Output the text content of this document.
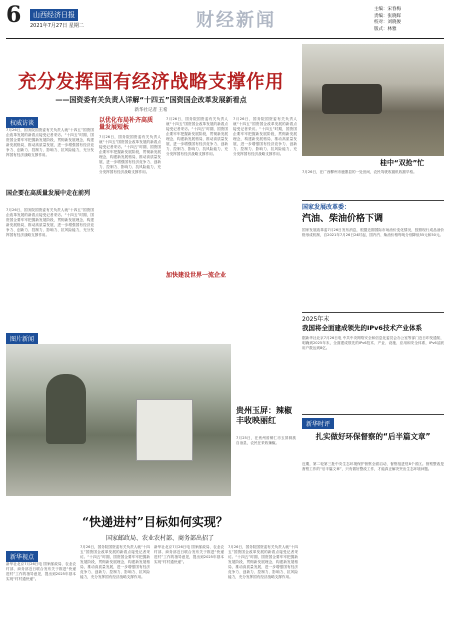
6	山西经济日报
2021年7月27日 星期二	财经新闻
主编：宋春梅
责编：张晓晖
校对：刘晓俊
版式：林雅
充分发挥国有经济战略支撑作用
——国资委有关负责人详解“十四五”国资国企改革发展新看点
新华社记者 王希
权威访谈
7月26日，国务院国资委有关负责人就“十四五”国资国企改革发展的新看点接受记者采访。“十四五”时期，国资国企要牢牢把握新发展阶段，贯彻新发展理念，构建新发展格局，推动高质量发展，进一步增强国有经济竞争力、创新力、控制力、影响力、抗风险能力，充分发挥国有经济战略支撑作用。
国企要在高质量发展中走在前列
7月26日，国务院国资委有关负责人就“十四五”国资国企改革发展的新看点接受记者采访。“十四五”时期，国资国企要牢牢把握新发展阶段，贯彻新发展理念，构建新发展格局，推动高质量发展，进一步增强国有经济竞争力、创新力、控制力、影响力、抗风险能力，充分发挥国有经济战略支撑作用。
以优化布局补齐高质量发展短板
7月26日，国务院国资委有关负责人就“十四五”国资国企改革发展的新看点接受记者采访。“十四五”时期，国资国企要牢牢把握新发展阶段，贯彻新发展理念，构建新发展格局，推动高质量发展，进一步增强国有经济竞争力、创新力、控制力、影响力、抗风险能力，充分发挥国有经济战略支撑作用。
7月26日，国务院国资委有关负责人就“十四五”国资国企改革发展的新看点接受记者采访。“十四五”时期，国资国企要牢牢把握新发展阶段，贯彻新发展理念，构建新发展格局，推动高质量发展，进一步增强国有经济竞争力、创新力、控制力、影响力、抗风险能力，充分发挥国有经济战略支撑作用。
加快建设世界一流企业
7月26日，国务院国资委有关负责人就“十四五”国资国企改革发展的新看点接受记者采访。“十四五”时期，国资国企要牢牢把握新发展阶段，贯彻新发展理念，构建新发展格局，推动高质量发展，进一步增强国有经济竞争力、创新力、控制力、影响力、抗风险能力，充分发挥国有经济战略支撑作用。
桂中“双抢”忙
7月26日，在广西柳州市鹿寨县的一处田间，农民驾驶收割机收割早稻。
国家发展改革委：
汽油、柴油价格下调
国家发展改革委7月26日发布消息，根据近期国际市场油价变化情况，按照现行成品油价格形成机制，自2021年7月26日24时起，国内汽、柴油价格每吨分别降低55元和50元。
2025年末
我国将全面建成领先的IPv6技术产业体系
据新华社北京7月26日电 中共中央网络安全和信息化委员会办公室等部门近日印发通知，明确到2025年末，全面建成领先的IPv6技术、产业、设施、应用和安全体系，IPv6活跃用户数达到8亿。
图片新闻
贵州玉屏：辣椒丰收映丽红
7月25日，在贵州省铜仁市玉屏侗族自治县，农民在采收辣椒。
“快递进村”目标如何实现？
国家邮政局、农业农村部、商务部出招了
新华视点
新华社北京7月26日电 国家邮政局、农业农村部、商务部近日联合发布关于推进“快递进村”工作的指导意见，提出到2025年基本实现“村村通快递”。
7月26日，国务院国资委有关负责人就“十四五”国资国企改革发展的新看点接受记者采访。“十四五”时期，国资国企要牢牢把握新发展阶段，贯彻新发展理念，构建新发展格局，推动高质量发展，进一步增强国有经济竞争力、创新力、控制力、影响力、抗风险能力，充分发挥国有经济战略支撑作用。
新华社北京7月26日电 国家邮政局、农业农村部、商务部近日联合发布关于推进“快递进村”工作的指导意见，提出到2025年基本实现“村村通快递”。
7月26日，国务院国资委有关负责人就“十四五”国资国企改革发展的新看点接受记者采访。“十四五”时期，国资国企要牢牢把握新发展阶段，贯彻新发展理念，构建新发展格局，推动高质量发展，进一步增强国有经济竞争力、创新力、控制力、影响力、抗风险能力，充分发挥国有经济战略支撑作用。
新华时评
扎实做好环保督察的“后半篇文章”
近期，第二轮第三批中央生态环境保护督察全面启动，督察组进驻8个省区。督察整改是督察工作的“后半篇文章”，只有做好整改工作，才能真正解决突出生态环境问题。
